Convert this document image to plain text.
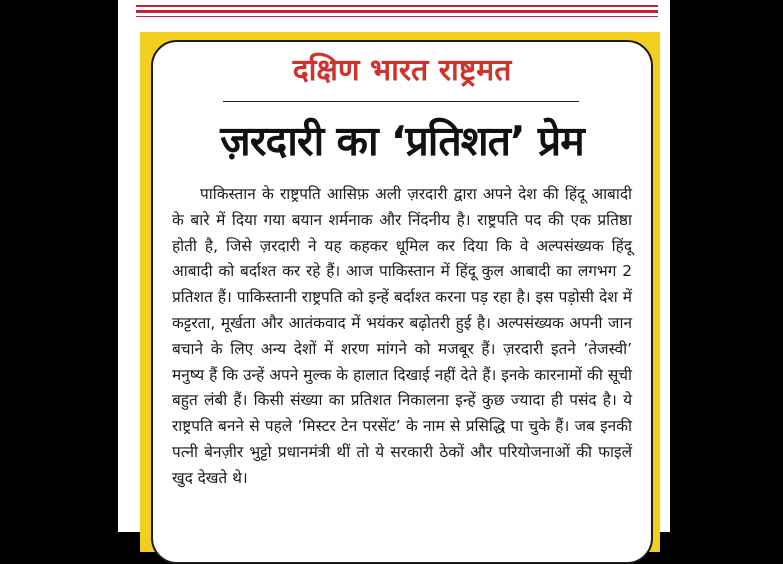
दक्षिण भारत राष्ट्रमत
ज़रदारी का ‘प्रतिशत’ प्रेम

पाकिस्तान के राष्ट्रपति आसिफ़ अली ज़रदारी द्वारा अपने देश की हिंदू आबादी के बारे में दिया गया बयान शर्मनाक और निंदनीय है। राष्ट्रपति पद की एक प्रतिष्ठा होती है, जिसे ज़रदारी ने यह कहकर धूमिल कर दिया कि वे अल्पसंख्यक हिंदू आबादी को बर्दाश्त कर रहे हैं। आज पाकिस्तान में हिंदू कुल आबादी का लगभग 2 प्रतिशत हैं। पाकिस्तानी राष्ट्रपति को इन्हें बर्दाश्त करना पड़ रहा है। इस पड़ोसी देश में कट्टरता, मूर्खता और आतंकवाद में भयंकर बढ़ोतरी हुई है। अल्पसंख्यक अपनी जान बचाने के लिए अन्य देशों में शरण मांगने को मजबूर हैं। ज़रदारी इतने ’तेजस्वी’ मनुष्य हैं कि उन्हें अपने मुल्क के हालात दिखाई नहीं देते हैं। इनके कारनामों की सूची बहुत लंबी हैं। किसी संख्या का प्रतिशत निकालना इन्हें कुछ ज्यादा ही पसंद है। ये राष्ट्रपति बनने से पहले ’मिस्टर टेन परसेंट’ के नाम से प्रसिद्धि पा चुके हैं। जब इनकी पत्नी बेनज़ीर भुट्टो प्रधानमंत्री थीं तो ये सरकारी ठेकों और परियोजनाओं की फाइलें खुद देखते थे।
